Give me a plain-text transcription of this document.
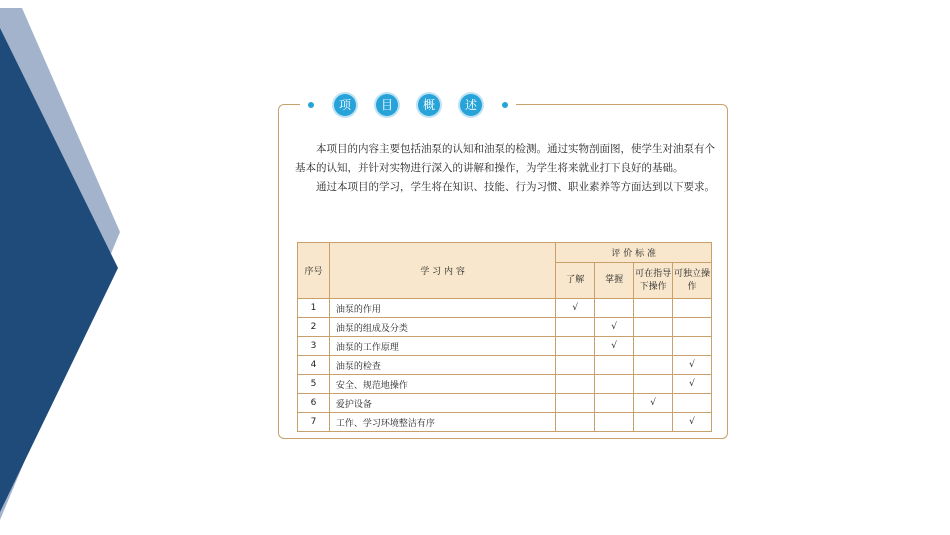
项	目	概	述

本项目的内容主要包括油泵的认知和油泵的检测。通过实物剖面图，使学生对油泵有个基本的认知，并针对实物进行深入的讲解和操作，为学生将来就业打下良好的基础。

通过本项目的学习，学生将在知识、技能、行为习惯、职业素养等方面达到以下要求。

序号	学 习 内 容	评 价 标 准			
		了解	掌握	可在指导下操作	可独立操作
1	油泵的作用	√			
2	油泵的组成及分类		√		
3	油泵的工作原理		√		
4	油泵的检查				√
5	安全、规范地操作				√
6	爱护设备			√	
7	工作、学习环境整洁有序				√
